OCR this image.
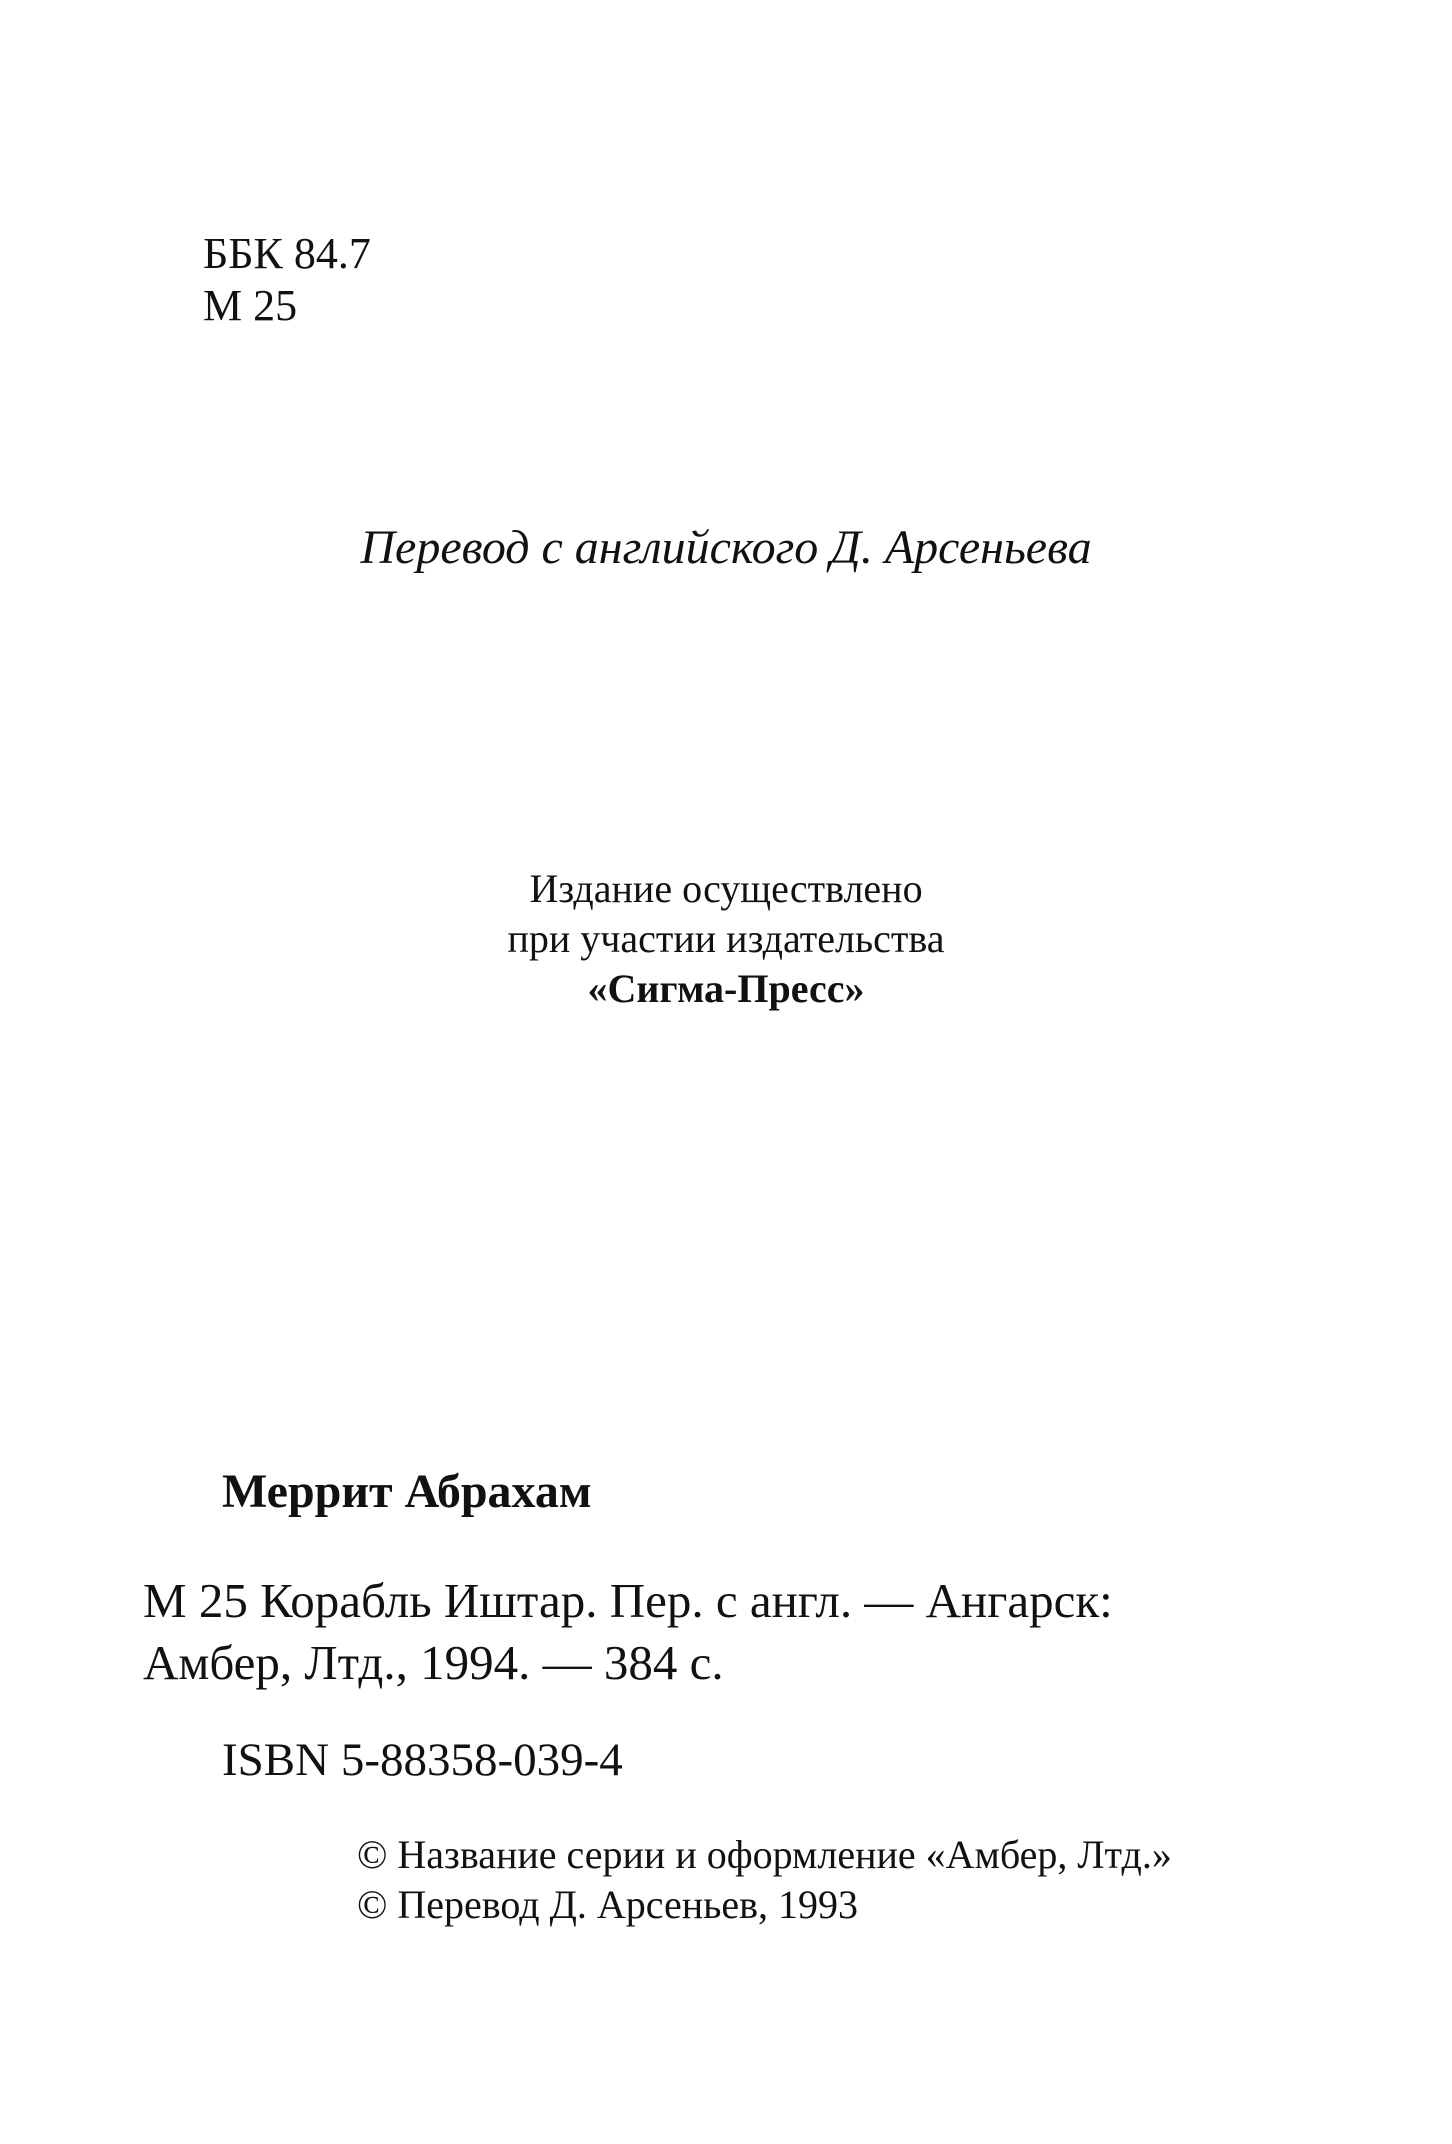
ББК 84.7
М 25

Перевод с английского Д. Арсеньева

Издание осуществлено
при участии издательства
«Сигма-Пресс»

Меррит Абрахам

М 25 Корабль Иштар. Пер. с англ. — Ангарск:
Амбер, Лтд., 1994. — 384 с.

ISBN 5-88358-039-4

© Название серии и оформление «Амбер, Лтд.»
© Перевод Д. Арсеньев, 1993
